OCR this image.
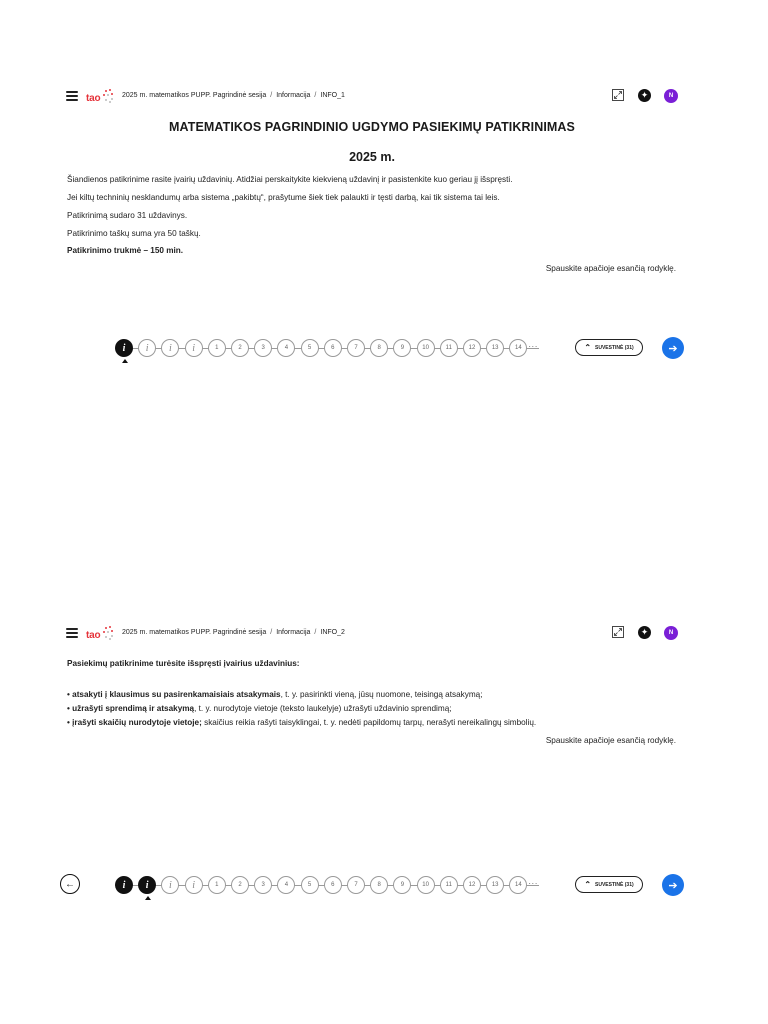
tao	2025 m. matematikos PUPP. Pagrindinė sesija / Informacija / INFO_1	✦	N
MATEMATIKOS PAGRINDINIO UGDYMO PASIEKIMŲ PATIKRINIMAS
2025 m.
Šiandienos patikrinime rasite įvairių uždavinių. Atidžiai perskaitykite kiekvieną uždavinį ir pasistenkite kuo geriau jį išspręsti.
Jei kiltų techninių nesklandumų arba sistema „pakibtų“, prašytume šiek tiek palaukti ir tęsti darbą, kai tik sistema tai leis.
Patikrinimą sudaro 31 uždavinys.
Patikrinimo taškų suma yra 50 taškų.
Patikrinimo trukmė – 150 min.
Spauskite apačioje esančią rodyklę.
i	i	i	i	1	2	3	4	5	6	7	8	9	10	11	12	13	14 ···	⌃ SUVESTINĖ (31)	➔
tao	2025 m. matematikos PUPP. Pagrindinė sesija / Informacija / INFO_2	✦	N
Pasiekimų patikrinime turėsite išspręsti įvairius uždavinius:
• atsakyti į klausimus su pasirenkamaisiais atsakymais, t. y. pasirinkti vieną, jūsų nuomone, teisingą atsakymą;
• užrašyti sprendimą ir atsakymą, t. y. nurodytoje vietoje (teksto laukelyje) užrašyti uždavinio sprendimą;
• įrašyti skaičių nurodytoje vietoje; skaičius reikia rašyti taisyklingai, t. y. nedėti papildomų tarpų, nerašyti nereikalingų simbolių.
Spauskite apačioje esančią rodyklę.
i	i	i	i	1	2	3	4	5	6	7	8	9	10	11	12	13	14 ···	⌃ SUVESTINĖ (31)	➔
←
